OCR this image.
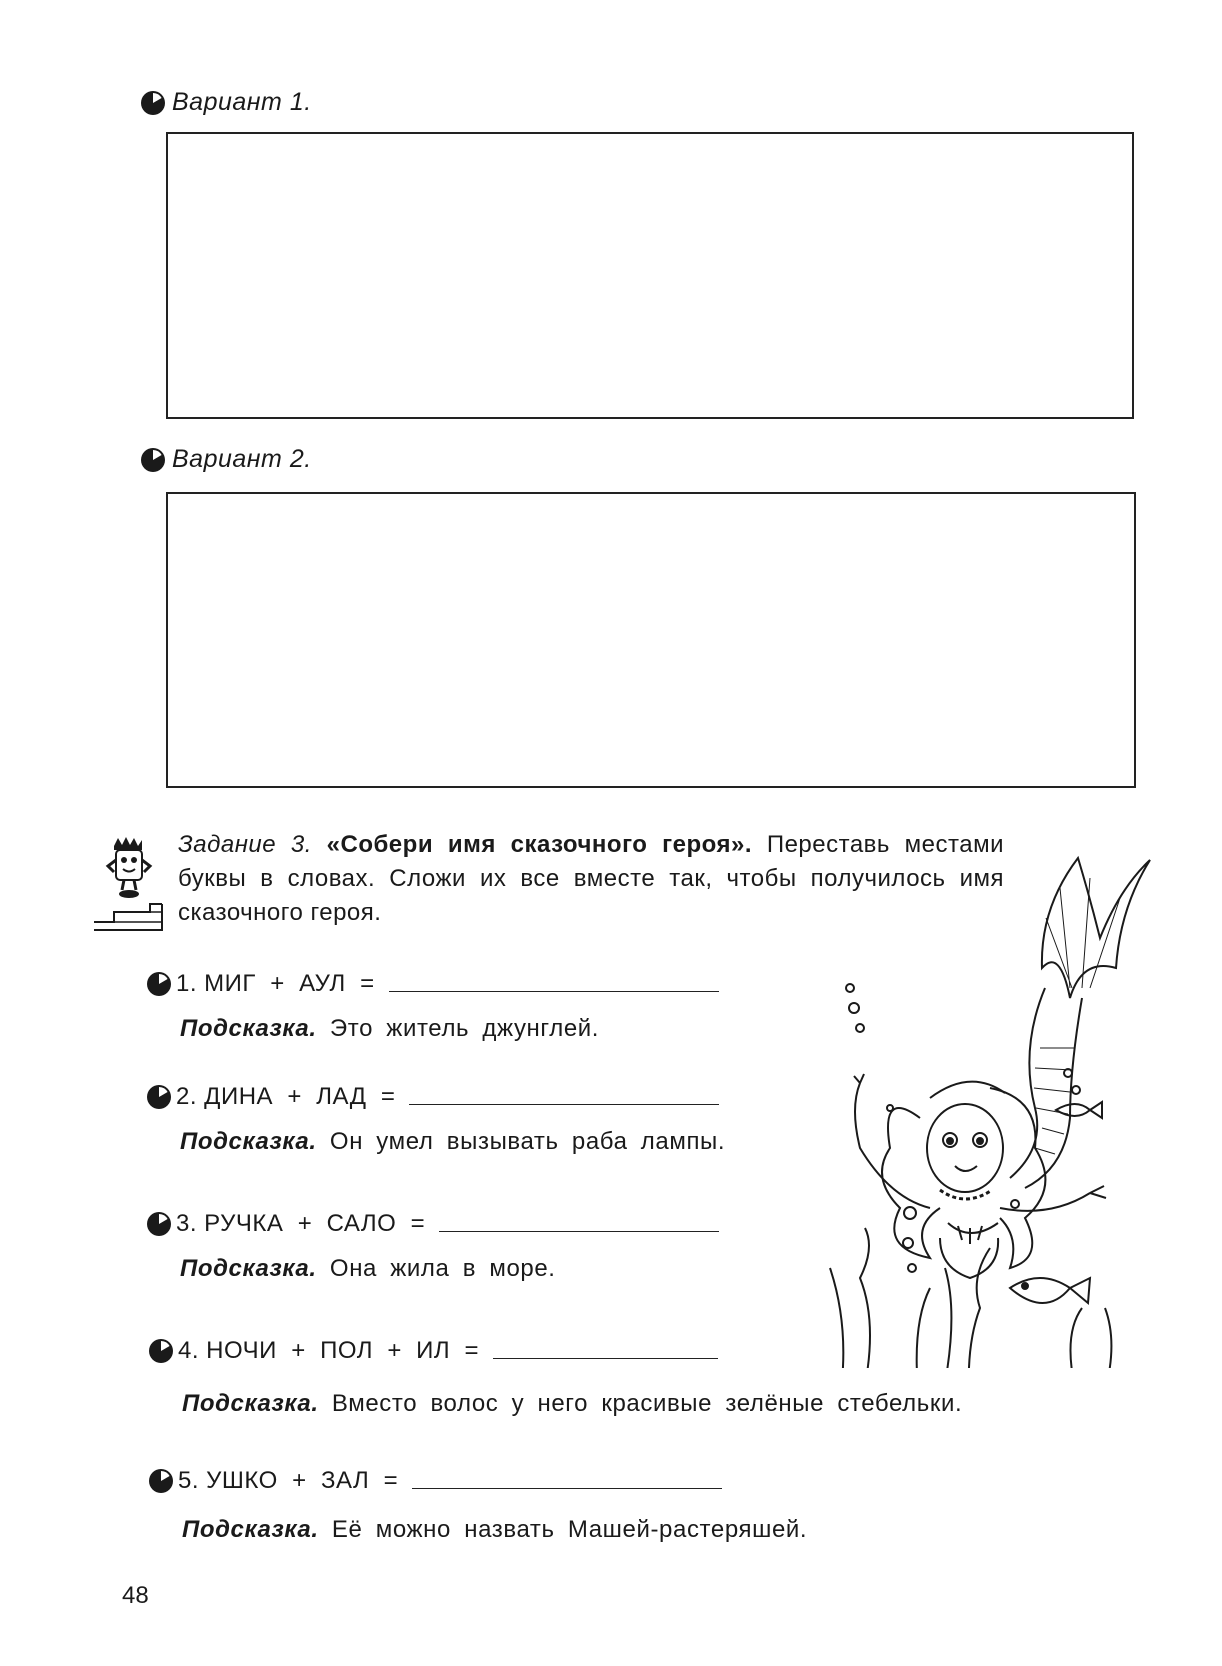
Вариант 1.
Вариант 2.
Задание 3. «Собери имя сказочного героя». Переставь местами буквы в словах. Сложи их все вместе так, чтобы получилось имя сказочного героя.
1. МИГ  +  АУЛ  =
Подсказка. Это житель джунглей.
2. ДИНА  +  ЛАД  =
Подсказка. Он умел вызывать раба лампы.
3. РУЧКА  +  САЛО  =
Подсказка. Она жила в море.
4. НОЧИ  +  ПОЛ  +  ИЛ  =
Подсказка. Вместо волос у него красивые зелёные стебельки.
5. УШКО  +  ЗАЛ  =
Подсказка. Её можно назвать Машей-растеряшей.
48
